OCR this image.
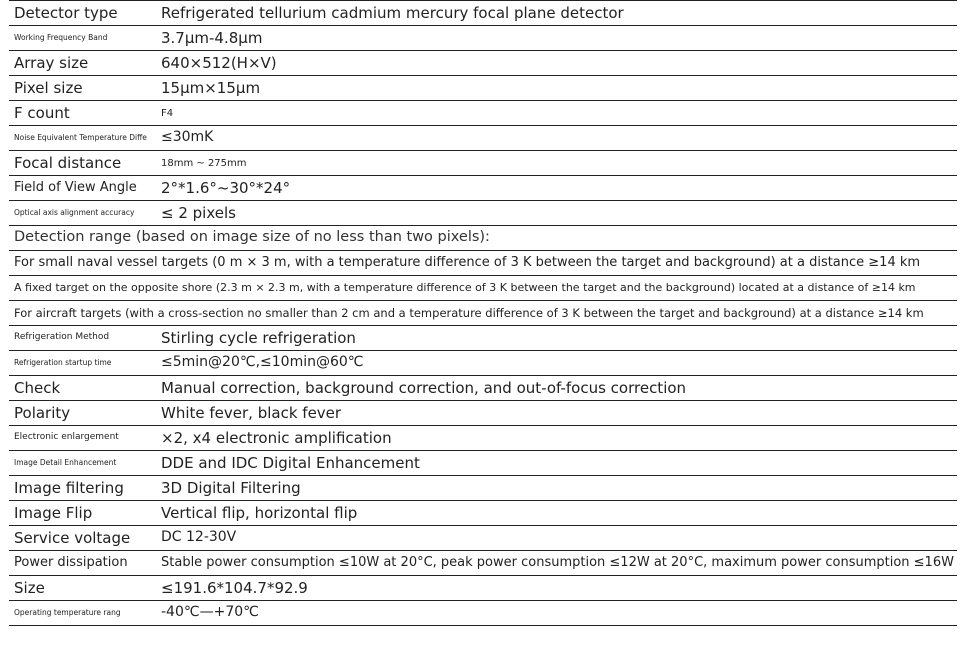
Detector type	Refrigerated tellurium cadmium mercury focal plane detector
Working Frequency Band	3.7μm-4.8μm
Array size	640×512(H×V)
Pixel size	15μm×15μm
F count	F4
Noise Equivalent Temperature Diffe	≤30mK
Focal distance	18mm ~ 275mm
Field of View Angle	2°*1.6°~30°*24°
Optical axis alignment accuracy	≤ 2 pixels
Detection range (based on image size of no less than two pixels):	
For small naval vessel targets (0 m × 3 m, with a temperature difference of 3 K between the target and background) at a distance ≥14 km	
A fixed target on the opposite shore (2.3 m × 2.3 m, with a temperature difference of 3 K between the target and the background) located at a distance of ≥14 km	
For aircraft targets (with a cross-section no smaller than 2 cm and a temperature difference of 3 K between the target and background) at a distance ≥14 km	
Refrigeration Method	Stirling cycle refrigeration
Refrigeration startup time	≤5min@20℃,≤10min@60℃
Check	Manual correction, background correction, and out-of-focus correction
Polarity	White fever, black fever
Electronic enlargement	×2, x4 electronic amplification
Image Detail Enhancement	DDE and IDC Digital Enhancement
Image filtering	3D Digital Filtering
Image Flip	Vertical flip, horizontal flip
Service voltage	DC 12-30V
Power dissipation	Stable power consumption ≤10W at 20°C, peak power consumption ≤12W at 20°C, maximum power consumption ≤16W
Size	≤191.6*104.7*92.9
Operating temperature rang	-40℃—+70℃
